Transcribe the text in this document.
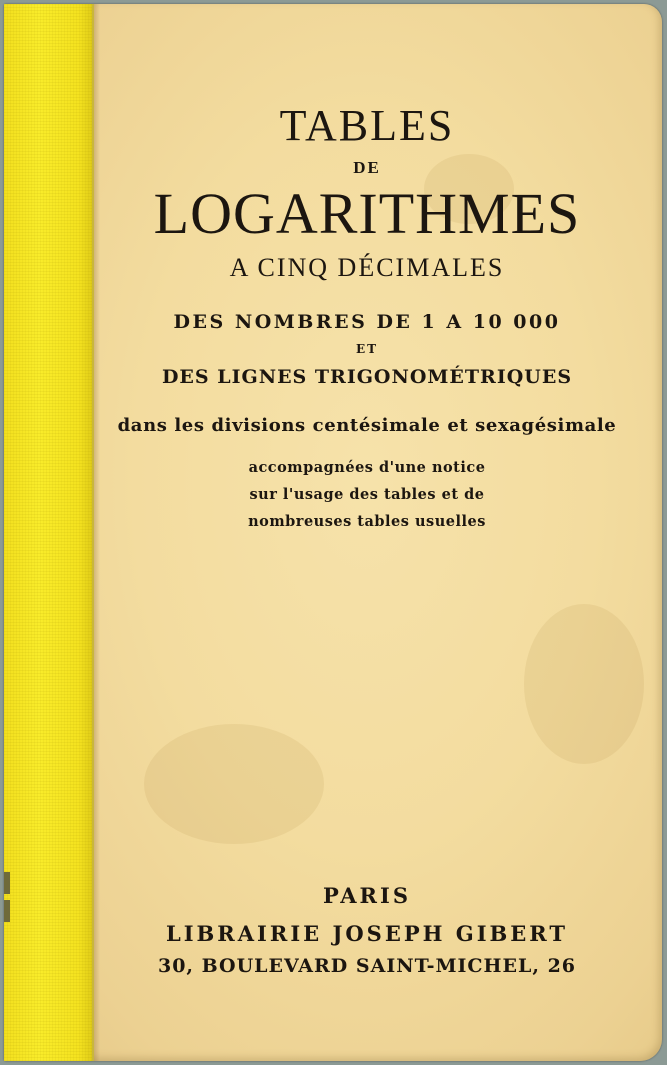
TABLES
DE
LOGARITHMES
A CINQ DÉCIMALES
DES NOMBRES DE 1 A 10 000
ET
DES LIGNES TRIGONOMÉTRIQUES
dans les divisions centésimale et sexagésimale
accompagnées d'une notice
sur l'usage des tables et de
nombreuses tables usuelles
PARIS
LIBRAIRIE JOSEPH GIBERT
30, BOULEVARD SAINT-MICHEL, 26
